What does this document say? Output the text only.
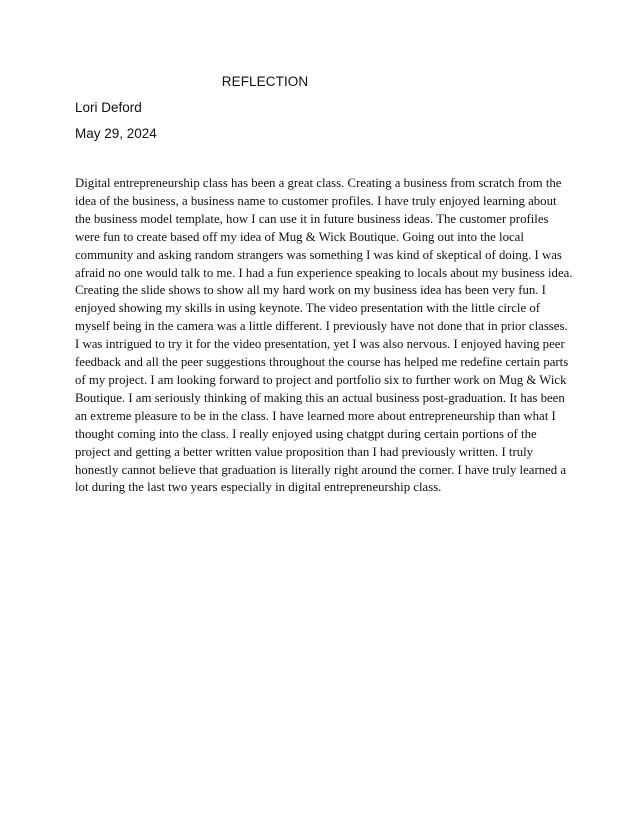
REFLECTION
Lori Deford
May 29, 2024
Digital entrepreneurship class has been a great class. Creating a business from scratch from the
idea of the business, a business name to customer profiles. I have truly enjoyed learning about
the business model template, how I can use it in future business ideas. The customer profiles
were fun to create based off my idea of Mug & Wick Boutique. Going out into the local
community and asking random strangers was something I was kind of skeptical of doing. I was
afraid no one would talk to me. I had a fun experience speaking to locals about my business idea.
Creating the slide shows to show all my hard work on my business idea has been very fun. I
enjoyed showing my skills in using keynote. The video presentation with the little circle of
myself being in the camera was a little different. I previously have not done that in prior classes.
I was intrigued to try it for the video presentation, yet I was also nervous. I enjoyed having peer
feedback and all the peer suggestions throughout the course has helped me redefine certain parts
of my project. I am looking forward to project and portfolio six to further work on Mug & Wick
Boutique. I am seriously thinking of making this an actual business post-graduation. It has been
an extreme pleasure to be in the class. I have learned more about entrepreneurship than what I
thought coming into the class. I really enjoyed using chatgpt during certain portions of the
project and getting a better written value proposition than I had previously written. I truly
honestly cannot believe that graduation is literally right around the corner. I have truly learned a
lot during the last two years especially in digital entrepreneurship class.
